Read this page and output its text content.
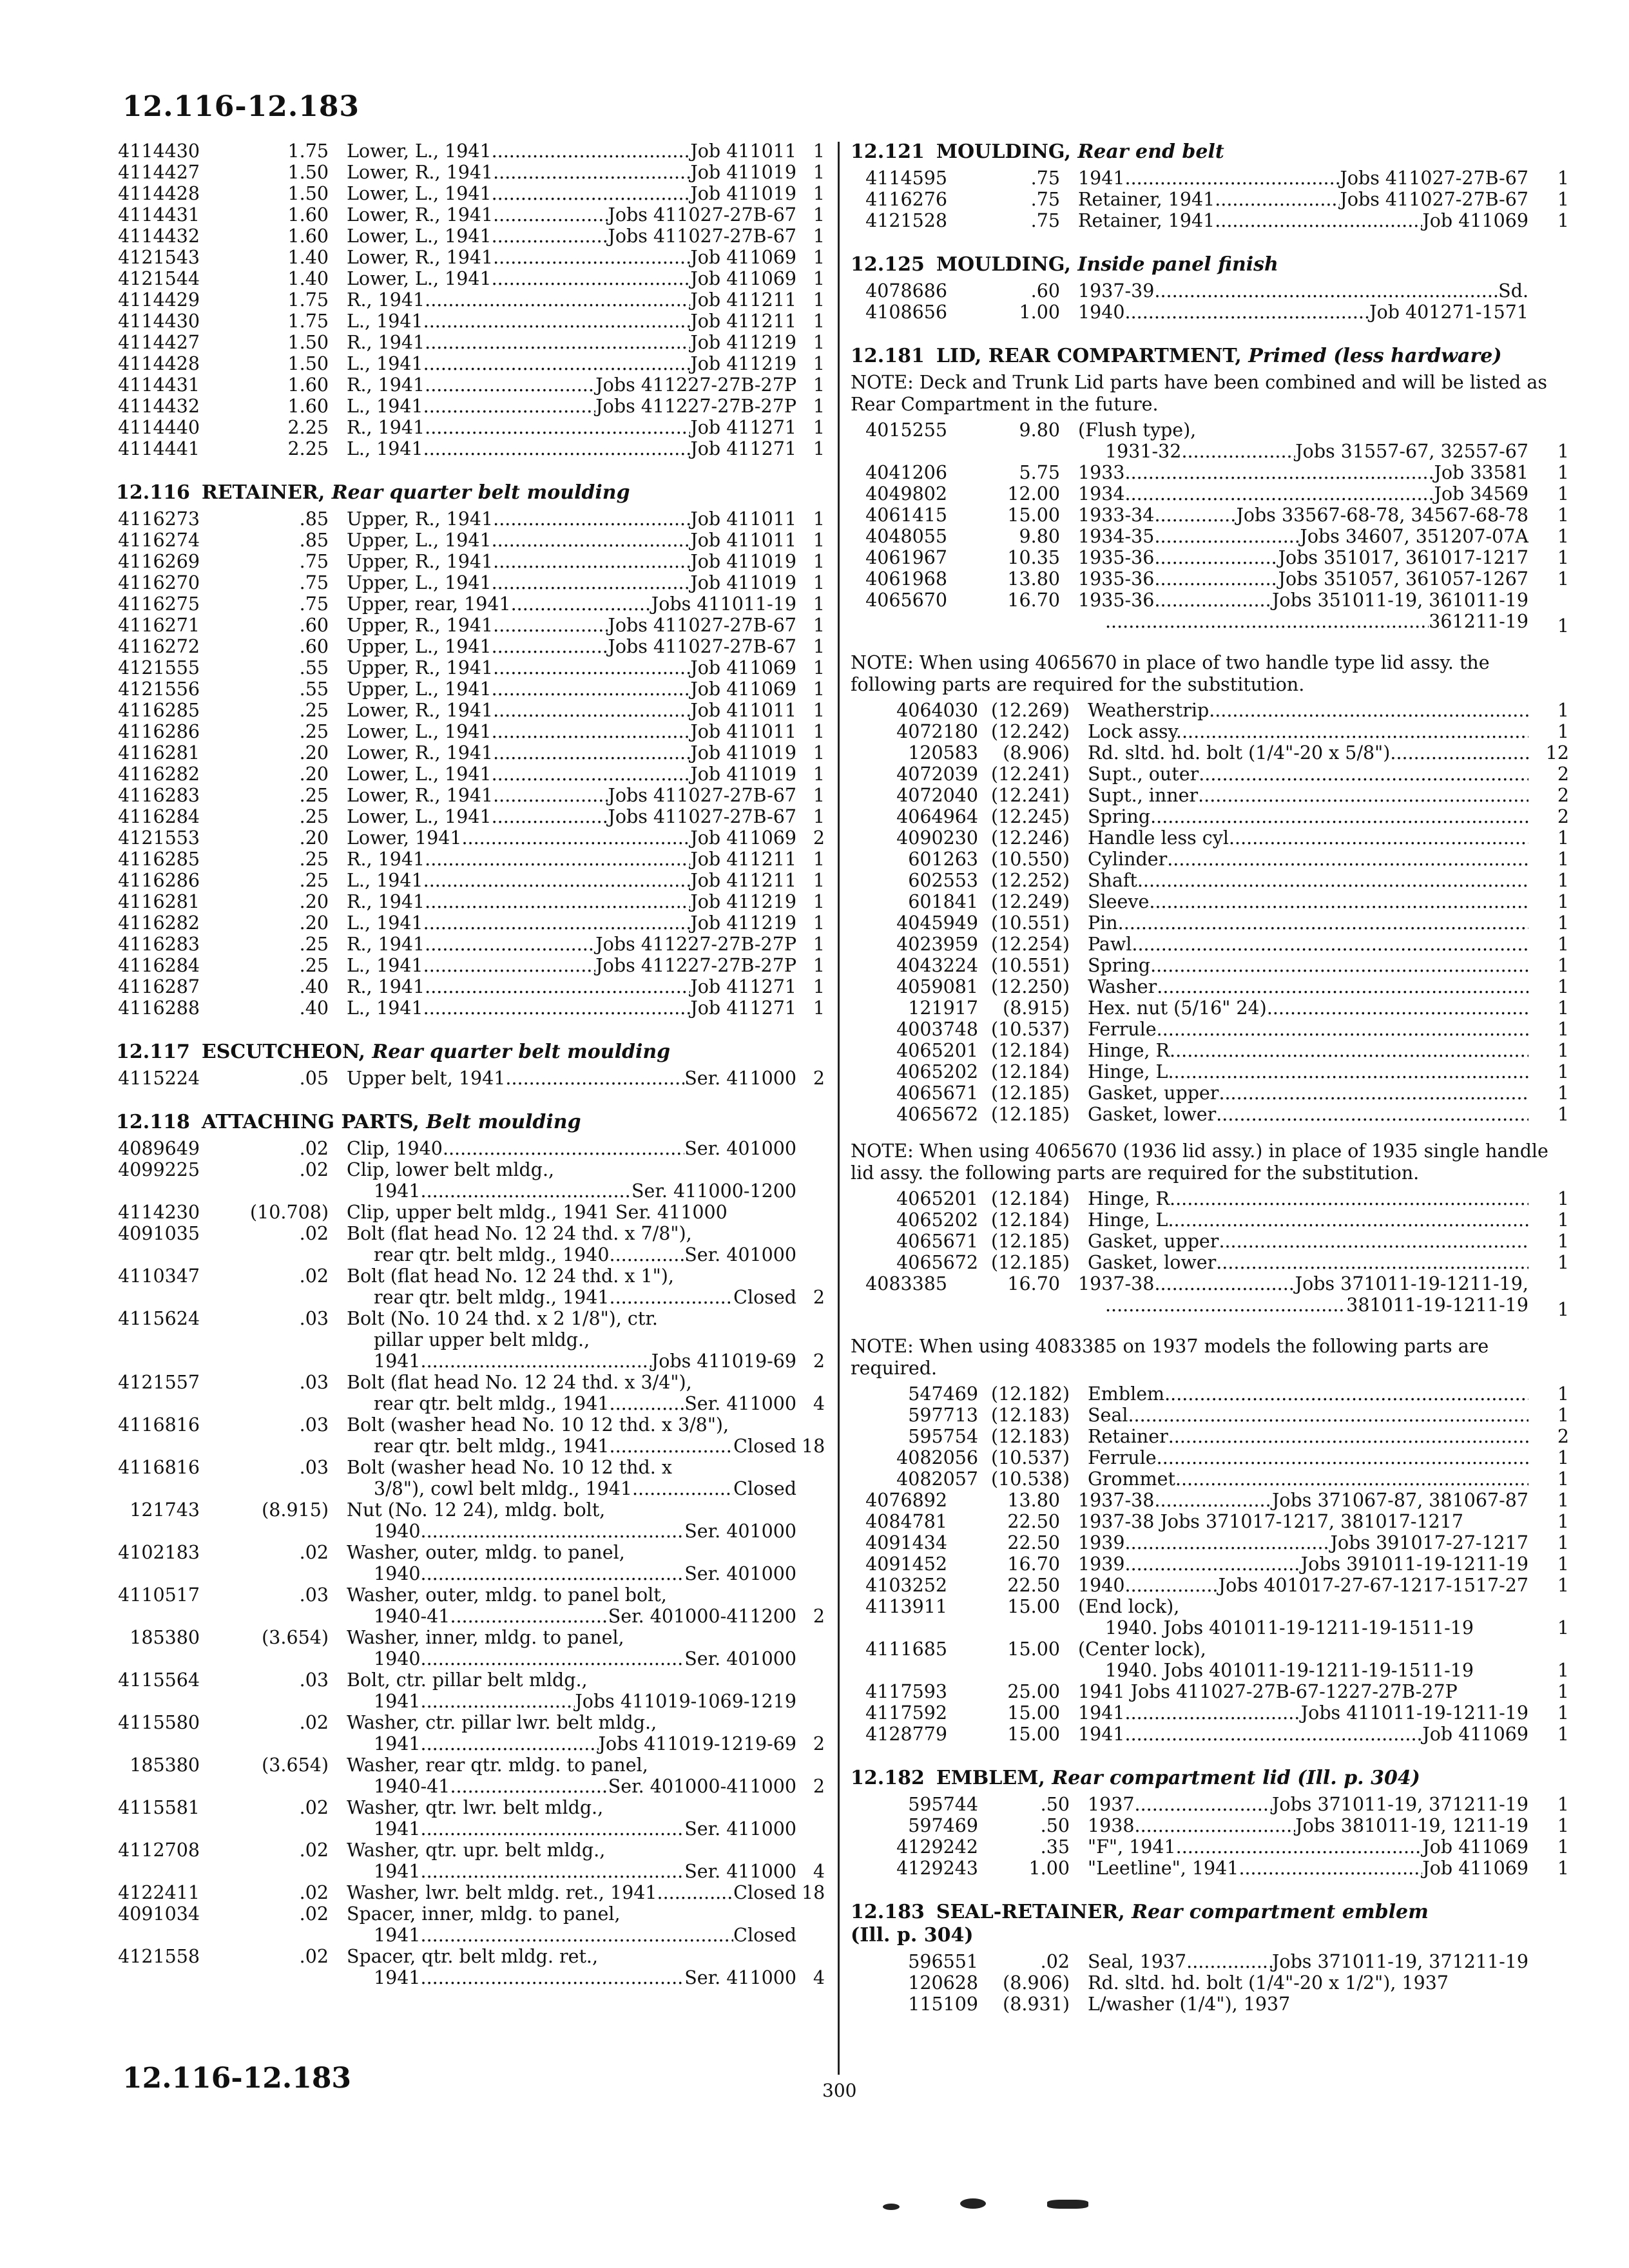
12.116-12.183
4114430	1.75 Lower, L., 1941 .....	Job 411011 1
4114427	1.50 Lower, R., 1941 .....	Job 411019 1
4114428	1.50 Lower, L., 1941 .....	Job 411019 1
4114431	1.60 Lower, R., 1941 .....	Jobs 411027-27B-67 1
4114432	1.60 Lower, L., 1941 .....	Jobs 411027-27B-67 1
4121543	1.40 Lower, R., 1941 .....	Job 411069 1
4121544	1.40 Lower, L., 1941 .....	Job 411069 1
4114429	1.75 R., 1941 .....	Job 411211 1
4114430	1.75 L., 1941 .....	Job 411211 1
4114427	1.50 R., 1941 .....	Job 411219 1
4114428	1.50 L., 1941 .....	Job 411219 1
4114431	1.60 R., 1941 .....	Jobs 411227-27B-27P 1
4114432	1.60 L., 1941 .....	Jobs 411227-27B-27P 1
4114440	2.25 R., 1941 .....	Job 411271 1
4114441	2.25 L., 1941 .....	Job 411271 1
12.116 RETAINER, Rear quarter belt moulding
4116273	.85 Upper, R., 1941 .....	Job 411011 1
4116274	.85 Upper, L., 1941 .....	Job 411011 1
4116269	.75 Upper, R., 1941 .....	Job 411019 1
4116270	.75 Upper, L., 1941 .....	Job 411019 1
4116275	.75 Upper, rear, 1941 .....	Jobs 411011-19 1
4116271	.60 Upper, R., 1941 .....	Jobs 411027-27B-67 1
4116272	.60 Upper, L., 1941 .....	Jobs 411027-27B-67 1
4121555	.55 Upper, R., 1941 .....	Job 411069 1
4121556	.55 Upper, L., 1941 .....	Job 411069 1
4116285	.25 Lower, R., 1941 .....	Job 411011 1
4116286	.25 Lower, L., 1941 .....	Job 411011 1
4116281	.20 Lower, R., 1941 .....	Job 411019 1
4116282	.20 Lower, L., 1941 .....	Job 411019 1
4116283	.25 Lower, R., 1941 .....	Jobs 411027-27B-67 1
4116284	.25 Lower, L., 1941 .....	Jobs 411027-27B-67 1
4121553	.20 Lower, 1941 .....	Job 411069 2
4116285	.25 R., 1941 .....	Job 411211 1
4116286	.25 L., 1941 .....	Job 411211 1
4116281	.20 R., 1941 .....	Job 411219 1
4116282	.20 L., 1941 .....	Job 411219 1
4116283	.25 R., 1941 .....	Jobs 411227-27B-27P 1
4116284	.25 L., 1941 .....	Jobs 411227-27B-27P 1
4116287	.40 R., 1941 .....	Job 411271 1
4116288	.40 L., 1941 .....	Job 411271 1
12.117 ESCUTCHEON, Rear quarter belt moulding
4115224	.05 Upper belt, 1941 .....	Ser. 411000 2
12.118 ATTACHING PARTS, Belt moulding
4089649	.02 Clip, 1940 .....	Ser. 401000
4099225	.02 Clip, lower belt mldg.,
1941 .....	Ser. 411000-1200
4114230	(10.708) Clip, upper belt mldg., 1941 Ser. 411000
4091035	.02 Bolt (flat head No. 12 24 thd. x 7/8"),
rear qtr. belt mldg., 1940 .....	Ser. 401000
4110347	.02 Bolt (flat head No. 12 24 thd. x 1"),
rear qtr. belt mldg., 1941 .....	Closed 2
4115624	.03 Bolt (No. 10 24 thd. x 2 1/8"), ctr.
pillar upper belt mldg.,
1941 .....	Jobs 411019-69 2
4121557	.03 Bolt (flat head No. 12 24 thd. x 3/4"),
rear qtr. belt mldg., 1941 .....	Ser. 411000 4
4116816	.03 Bolt (washer head No. 10 12 thd. x 3/8"),
rear qtr. belt mldg., 1941 .....	Closed 18
4116816	.03 Bolt (washer head No. 10 12 thd. x
3/8"), cowl belt mldg., 1941 .....	Closed
121743	(8.915) Nut (No. 12 24), mldg. bolt,
1940 .....	Ser. 401000
4102183	.02 Washer, outer, mldg. to panel,
1940 .....	Ser. 401000
4110517	.03 Washer, outer, mldg. to panel bolt,
1940-41 .....	Ser. 401000-411200 2
185380	(3.654) Washer, inner, mldg. to panel,
1940 .....	Ser. 401000
4115564	.03 Bolt, ctr. pillar belt mldg.,
1941 .....	Jobs 411019-1069-1219
4115580	.02 Washer, ctr. pillar lwr. belt mldg.,
1941 .....	Jobs 411019-1219-69 2
185380	(3.654) Washer, rear qtr. mldg. to panel,
1940-41 .....	Ser. 401000-411000 2
4115581	.02 Washer, qtr. lwr. belt mldg.,
1941 .....	Ser. 411000
4112708	.02 Washer, qtr. upr. belt mldg.,
1941 .....	Ser. 411000 4
4122411	.02 Washer, lwr. belt mldg. ret., 1941 .....	Closed 18
4091034	.02 Spacer, inner, mldg. to panel,
1941 .....	Closed
4121558	.02 Spacer, qtr. belt mldg. ret.,
1941 .....	Ser. 411000 4
12.121 MOULDING, Rear end belt
4114595	.75 1941 .....	Jobs 411027-27B-67	1
4116276	.75 Retainer, 1941 .....	Jobs 411027-27B-67	1
4121528	.75 Retainer, 1941 .....	Job 411069	1
12.125 MOULDING, Inside panel finish
4078686	.60 1937-39 .....	Sd.
4108656	1.00 1940 .....	Job 401271-1571
12.181 LID, REAR COMPARTMENT, Primed (less hardware)
NOTE: Deck and Trunk Lid parts have been combined and will be listed as Rear Compartment in the future.
4015255	9.80 (Flush type),
1931-32 .....	Jobs 31557-67, 32557-67	1
4041206	5.75 1933 .....	Job 33581	1
4049802	12.00 1934 .....	Job 34569	1
4061415	15.00 1933-34 .....	Jobs 33567-68-78, 34567-68-78	1
4048055	9.80 1934-35 .....	Jobs 34607, 351207-07A	1
4061967	10.35 1935-36 .....	Jobs 351017, 361017-1217	1
4061968	13.80 1935-36 .....	Jobs 351057, 361057-1267	1
4065670	16.70 1935-36 .....	Jobs 351011-19, 361011-19
.....
361211-19	1
NOTE: When using 4065670 in place of two handle type lid assy. the following parts are required for the substitution.
4064030 (12.269) Weatherstrip .....	1
4072180 (12.242) Lock assy. .....	1
120583	(8.906) Rd. sltd. hd. bolt (1/4"-20 x 5/8") .....	12
4072039 (12.241) Supt., outer .....	2
4072040 (12.241) Supt., inner .....	2
4064964 (12.245) Spring .....	2
4090230 (12.246) Handle less cyl. .....	1
601263 (10.550) Cylinder .....	1
602553 (12.252) Shaft .....	1
601841 (12.249) Sleeve .....	1
4045949 (10.551) Pin .....	1
4023959 (12.254) Pawl .....	1
4043224 (10.551) Spring .....	1
4059081 (12.250) Washer .....	1
121917	(8.915) Hex. nut (5/16" 24) .....	1
4003748 (10.537) Ferrule .....	1
4065201 (12.184) Hinge, R. .....	1
4065202 (12.184) Hinge, L. .....	1
4065671 (12.185) Gasket, upper .....	1
4065672 (12.185) Gasket, lower .....	1
NOTE: When using 4065670 (1936 lid assy.) in place of 1935 single handle lid assy. the following parts are required for the substitution.
4065201 (12.184) Hinge, R. .....	1
4065202 (12.184) Hinge, L. .....	1
4065671 (12.185) Gasket, upper .....	1
4065672 (12.185) Gasket, lower .....	1
4083385	16.70 1937-38 .....	Jobs 371011-19-1211-19,
.....
381011-19-1211-19	1
NOTE: When using 4083385 on 1937 models the following parts are required.
547469 (12.182) Emblem .....	1
597713 (12.183) Seal .....	1
595754 (12.183) Retainer .....	2
4082056 (10.537) Ferrule .....	1
4082057 (10.538) Grommet .....	1
4076892	13.80 1937-38 .....	Jobs 371067-87, 381067-87	1
4084781	22.50 1937-38 Jobs 371017-1217, 381017-1217	1
4091434	22.50 1939 .....	Jobs 391017-27-1217	1
4091452	16.70 1939 .....	Jobs 391011-19-1211-19	1
4103252	22.50 1940 .....	Jobs 401017-27-67-1217-1517-27	1
4113911	15.00 (End lock),
1940. Jobs 401011-19-1211-19-1511-19	1
4111685	15.00 (Center lock),
1940. Jobs 401011-19-1211-19-1511-19	1
4117593	25.00 1941 Jobs 411027-27B-67-1227-27B-27P	1
4117592	15.00 1941 .....	Jobs 411011-19-1211-19	1
4128779	15.00 1941 .....	Job 411069	1
12.182 EMBLEM, Rear compartment lid (Ill. p. 304)
595744	.50 1937 .....	Jobs 371011-19, 371211-19	1
597469	.50 1938 .....	Jobs 381011-19, 1211-19	1
4129242	.35 "F", 1941 .....	Job 411069	1
4129243	1.00 "Leetline", 1941 .....	Job 411069	1
12.183 SEAL-RETAINER, Rear compartment emblem
(Ill. p. 304)
596551	.02 Seal, 1937 .....	Jobs 371011-19, 371211-19
120628	(8.906) Rd. sltd. hd. bolt (1/4"-20 x 1/2"), 1937
115109	(8.931) L/washer (1/4"), 1937
12.116-12.183	300
